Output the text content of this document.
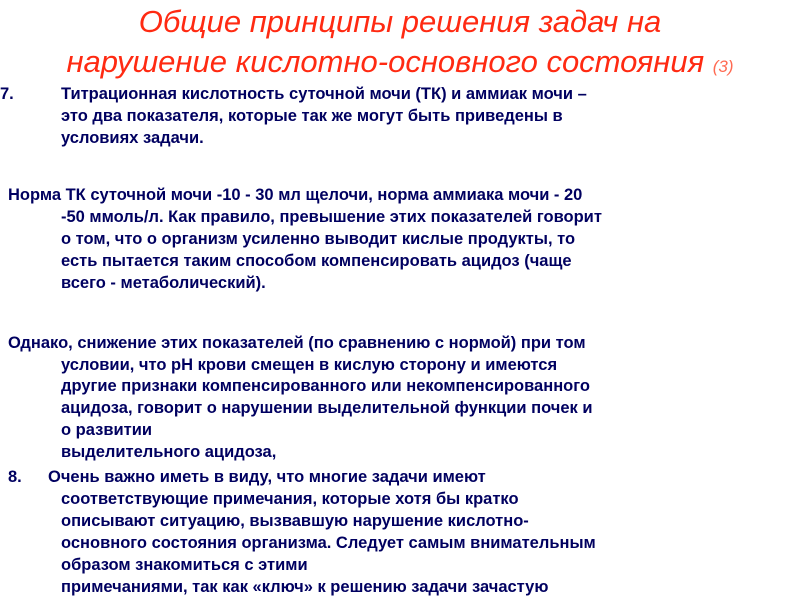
Общие принципы решения задач на
нарушение кислотно-основного состояния (3)
7.	Титрационная кислотность суточной мочи (ТК) и аммиак мочи –
это два показателя, которые так же могут быть приведены в
условиях задачи.
Норма ТК суточной мочи -10 - 30 мл щелочи, норма аммиака мочи - 20
-50 ммоль/л. Как правило, превышение этих показателей говорит
о том, что о организм усиленно выводит кислые продукты, то
есть пытается таким способом компенсировать ацидоз (чаще
всего - метаболический).
Однако, снижение этих показателей (по сравнению с нормой) при том
условии, что рН крови смещен в кислую сторону и имеются
другие признаки компенсированного или некомпенсированного
ацидоза, говорит о нарушении выделительной функции почек и
о развитии
выделительного ацидоза,
8. Очень важно иметь в виду, что многие задачи имеют
соответствующие примечания, которые хотя бы кратко
описывают ситуацию, вызвавшую нарушение кислотно-
основного состояния организма. Следует самым внимательным
образом знакомиться с этими
примечаниями, так как «ключ» к решению задачи зачастую
